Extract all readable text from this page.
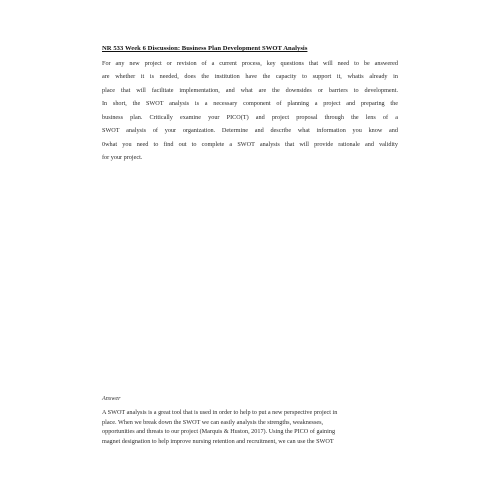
NR 533 Week 6 Discussion: Business Plan Development SWOT Analysis
For any new project or revision of a current process, key questions that will need to be answered
are whether it is needed, does the institution have the capacity to support it, whatis already in
place that will facilitate implementation, and what are the downsides or barriers to development.
In short, the SWOT analysis is a necessary component of planning a project and preparing the
business plan. Critically examine your PICO(T) and project proposal through the lens of a
SWOT analysis of your organization. Determine and describe what information you know and
0what you need to find out to complete a SWOT analysis that will provide rationale and validity
for your project.
Answer
A SWOT analysis is a great tool that is used in order to help to put a new perspective project in
place. When we break down the SWOT we can easily analysis the strengths, weaknesses,
opportunities and threats to our project (Marquis & Huston, 2017). Using the PICO of gaining
magnet designation to help improve nursing retention and recruitment, we can use the SWOT
